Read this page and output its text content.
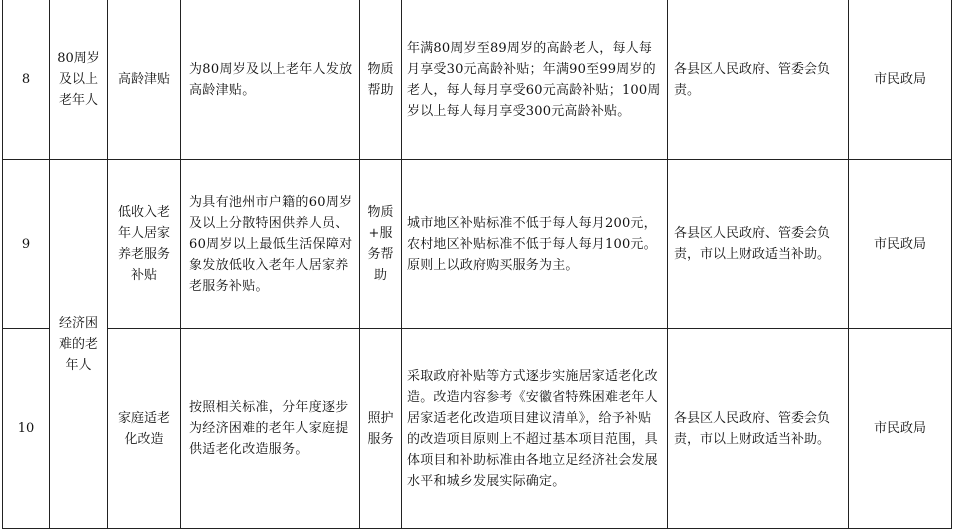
8	80周岁及以上老年人	高龄津贴	为80周岁及以上老年人发放高龄津贴。	物质帮助	年满80周岁至89周岁的高龄老人，每人每月享受30元高龄补贴；年满90至99周岁的老人，每人每月享受60元高龄补贴；100周岁以上每人每月享受300元高龄补贴。	各县区人民政府、管委会负责。	市民政局
9	经济困难的老年人	低收入老年人居家养老服务补贴	为具有池州市户籍的60周岁及以上分散特困供养人员、60周岁以上最低生活保障对象发放低收入老年人居家养老服务补贴。	物质+服务帮助	城市地区补贴标准不低于每人每月200元，农村地区补贴标准不低于每人每月100元。原则上以政府购买服务为主。	各县区人民政府、管委会负责，市以上财政适当补助。	市民政局
10		家庭适老化改造	按照相关标准，分年度逐步为经济困难的老年人家庭提供适老化改造服务。	照护服务	采取政府补贴等方式逐步实施居家适老化改造。改造内容参考《安徽省特殊困难老年人居家适老化改造项目建议清单》，给予补贴的改造项目原则上不超过基本项目范围，具体项目和补助标准由各地立足经济社会发展水平和城乡发展实际确定。	各县区人民政府、管委会负责，市以上财政适当补助。	市民政局
